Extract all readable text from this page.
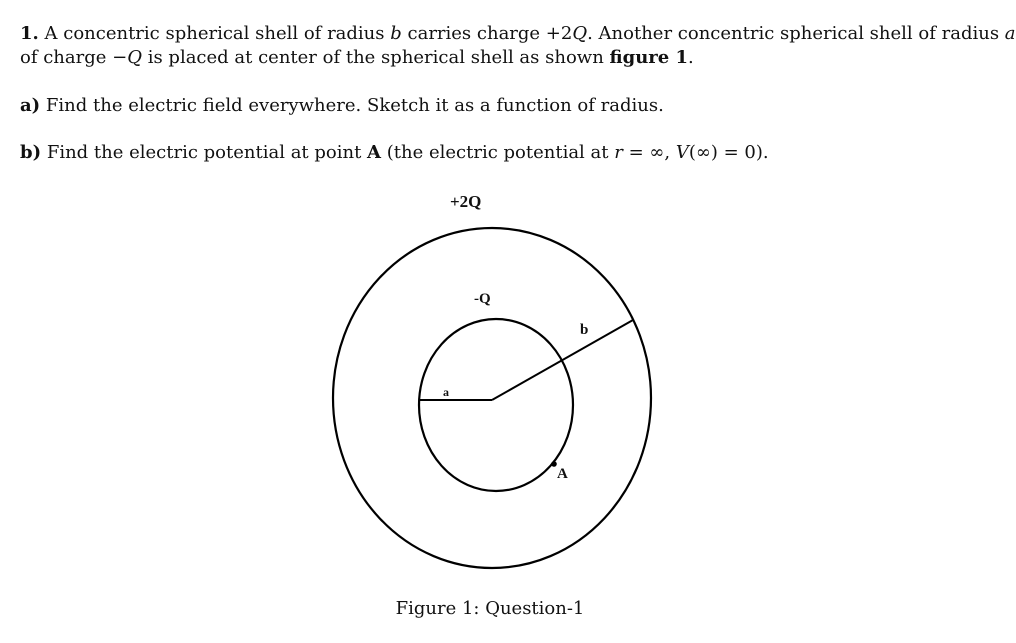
1. A concentric spherical shell of radius b carries charge +2Q. Another concentric spherical shell of radius a
of charge −Q is placed at center of the spherical shell as shown figure 1.
a) Find the electric field everywhere. Sketch it as a function of radius.
b) Find the electric potential at point A (the electric potential at r = ∞, V(∞) = 0).
+2Q
-Q
b
a
A
Figure 1: Question-1
